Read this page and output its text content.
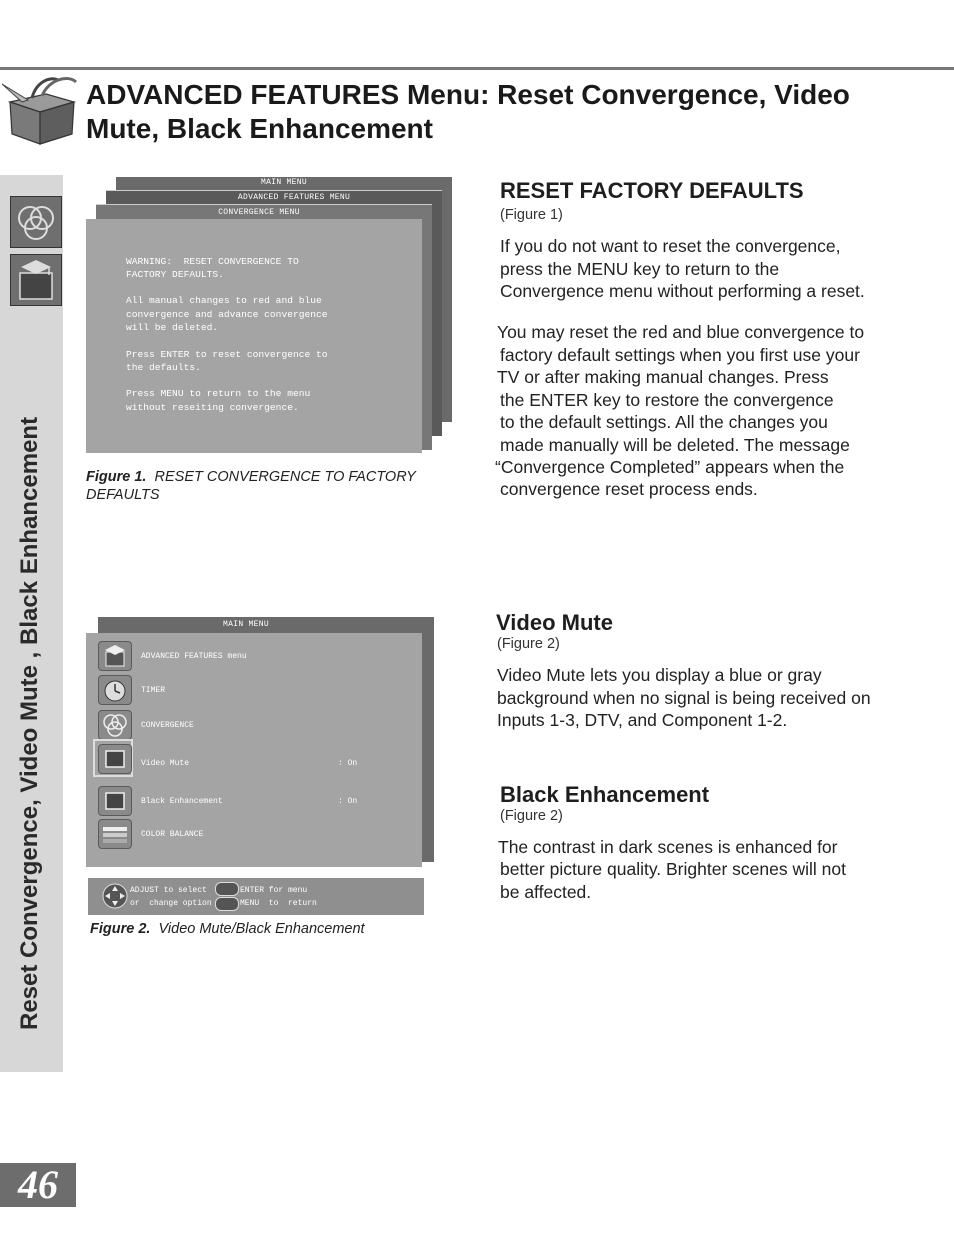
ADVANCED FEATURES Menu: Reset Convergence, Video
Mute, Black Enhancement
Reset Convergence, Video Mute , Black Enhancement
MAIN MENU
ADVANCED FEATURES MENU
CONVERGENCE MENU
WARNING:  RESET CONVERGENCE TO
FACTORY DEFAULTS.
All manual changes to red and blue
convergence and advance convergence
will be deleted.
Press ENTER to reset convergence to
the defaults.
Press MENU to return to the menu
without reseiting convergence.
Figure 1. RESET CONVERGENCE TO FACTORY
DEFAULTS
RESET FACTORY DEFAULTS
(Figure 1)
If you do not want to reset the convergence,
press the MENU key to return to the
Convergence menu without performing a reset.
You may reset the red and blue convergence to
factory default settings when you first use your
TV or after making manual changes. Press
the ENTER key to restore the convergence
to the default settings. All the changes you
made manually will be deleted. The message
“Convergence Completed” appears when the
convergence reset process ends.
MAIN MENU
ADVANCED FEATURES menu
TIMER
CONVERGENCE
Video Mute	: On
Black Enhancement	: On
COLOR BALANCE
ADJUST to select
or  change option
ENTER for menu
MENU  to  return
Figure 2. Video Mute/Black Enhancement
Video Mute
(Figure 2)
Video Mute lets you display a blue or gray
background when no signal is being received on
Inputs 1-3, DTV, and Component 1-2.
Black Enhancement
(Figure 2)
The contrast in dark scenes is enhanced for
better picture quality. Brighter scenes will not
be affected.
46
